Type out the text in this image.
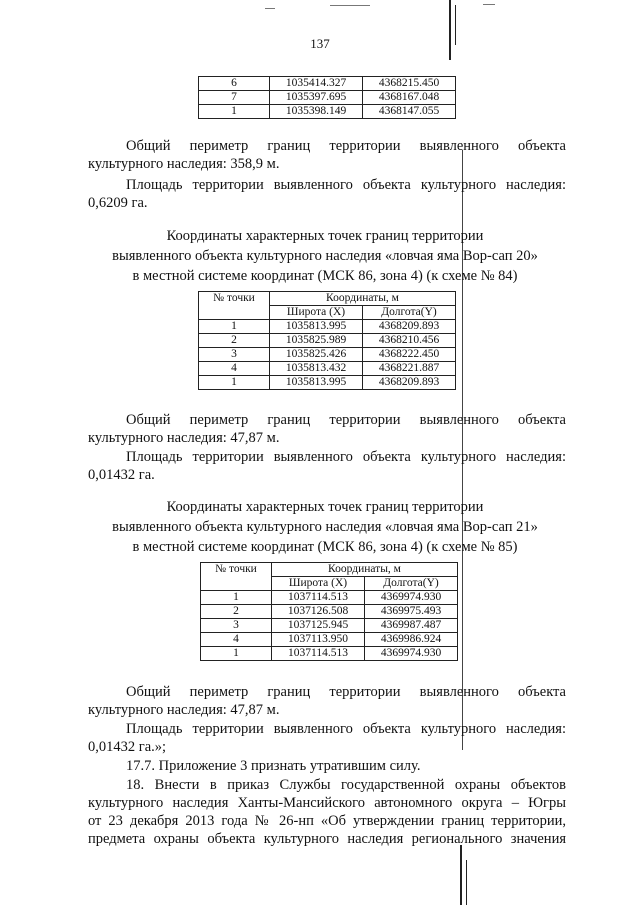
137
6	1035414.327	4368215.450
7	1035397.695	4368167.048
1	1035398.149	4368147.055

Общий периметр границ территории выявленного объекта

культурного наследия: 358,9 м.

Площадь территории выявленного объекта культурного наследия:

0,6209 га.

Координаты характерных точек границ территории

выявленного объекта культурного наследия «ловчая яма Вор-сап 20»

в местной системе координат (МСК 86, зона 4) (к схеме № 84)

№ точки	Координаты, м	
	Широта (X)	Долгота(Y)
1	1035813.995	4368209.893
2	1035825.989	4368210.456
3	1035825.426	4368222.450
4	1035813.432	4368221.887
1	1035813.995	4368209.893

Общий периметр границ территории выявленного объекта

культурного наследия: 47,87 м.

Площадь территории выявленного объекта культурного наследия:

0,01432 га.

Координаты характерных точек границ территории

выявленного объекта культурного наследия «ловчая яма Вор-сап 21»

в местной системе координат (МСК 86, зона 4) (к схеме № 85)

№ точки	Координаты, м	
	Широта (X)	Долгота(Y)
1	1037114.513	4369974.930
2	1037126.508	4369975.493
3	1037125.945	4369987.487
4	1037113.950	4369986.924
1	1037114.513	4369974.930

Общий периметр границ территории выявленного объекта

культурного наследия: 47,87 м.

Площадь территории выявленного объекта культурного наследия:

0,01432 га.»;

17.7. Приложение 3 признать утратившим силу.

18. Внести в приказ Службы государственной охраны объектов

культурного наследия Ханты-Мансийского автономного округа – Югры

от 23 декабря 2013 года № 26-нп «Об утверждении границ территории,

предмета охраны объекта культурного наследия регионального значения
